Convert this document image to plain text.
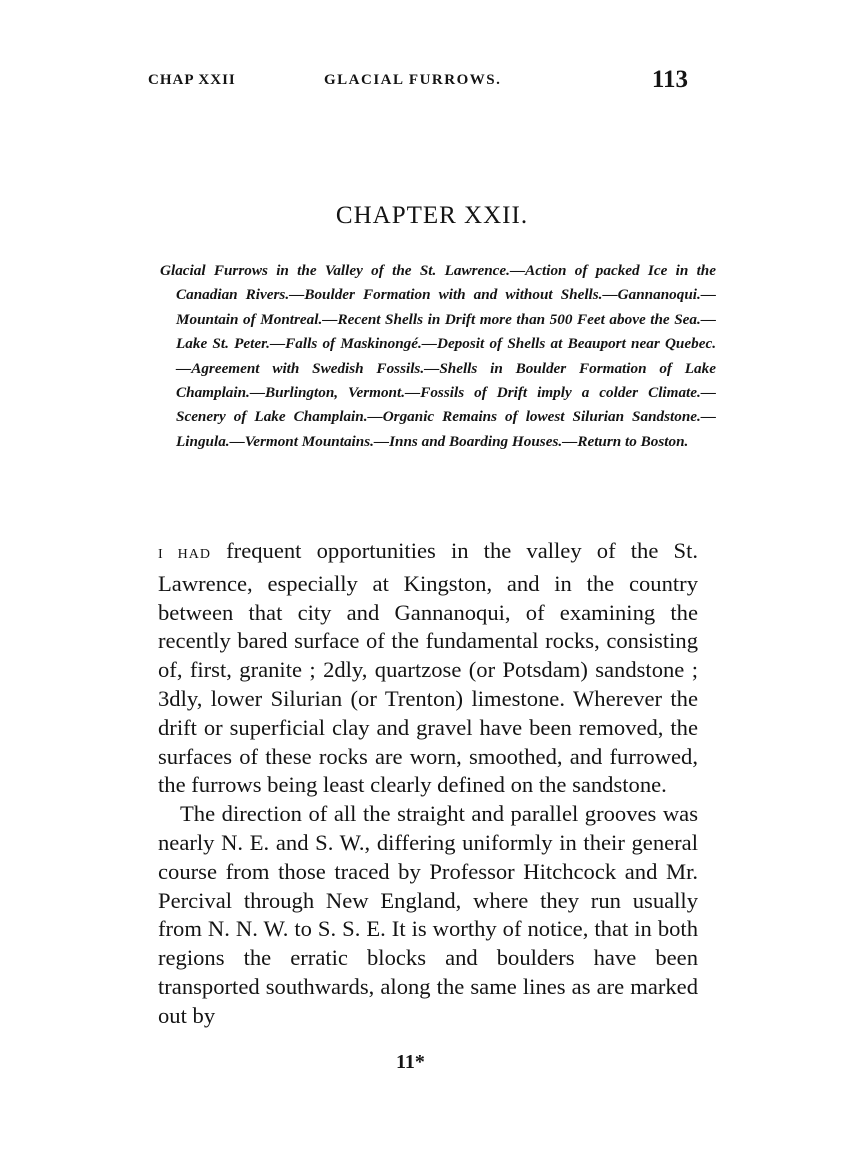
CHAP XXII	GLACIAL FURROWS.	113
CHAPTER XXII.
Glacial Furrows in the Valley of the St. Lawrence.—Action of packed Ice in the Canadian Rivers.—Boulder Formation with and without Shells.—Gannanoqui.—Mountain of Montreal.—Recent Shells in Drift more than 500 Feet above the Sea.—Lake St. Peter.—Falls of Maskinongé.—Deposit of Shells at Beauport near Quebec.—Agreement with Swedish Fossils.—Shells in Boulder Formation of Lake Champlain.—Burlington, Vermont.—Fossils of Drift imply a colder Climate.—Scenery of Lake Champlain.—Organic Remains of lowest Silurian Sandstone.—Lingula.—Vermont Mountains.—Inns and Boarding Houses.—Return to Boston.

I HAD frequent opportunities in the valley of the St. Lawrence, especially at Kingston, and in the country between that city and Gannanoqui, of examining the recently bared surface of the fundamental rocks, consisting of, first, granite ; 2dly, quartzose (or Potsdam) sandstone ; 3dly, lower Silurian (or Trenton) limestone. Wherever the drift or superficial clay and gravel have been removed, the surfaces of these rocks are worn, smoothed, and furrowed, the furrows being least clearly defined on the sandstone.

The direction of all the straight and parallel grooves was nearly N. E. and S. W., differing uniformly in their general course from those traced by Professor Hitchcock and Mr. Percival through New England, where they run usually from N. N. W. to S. S. E. It is worthy of notice, that in both regions the erratic blocks and boulders have been transported southwards, along the same lines as are marked out by

11*
